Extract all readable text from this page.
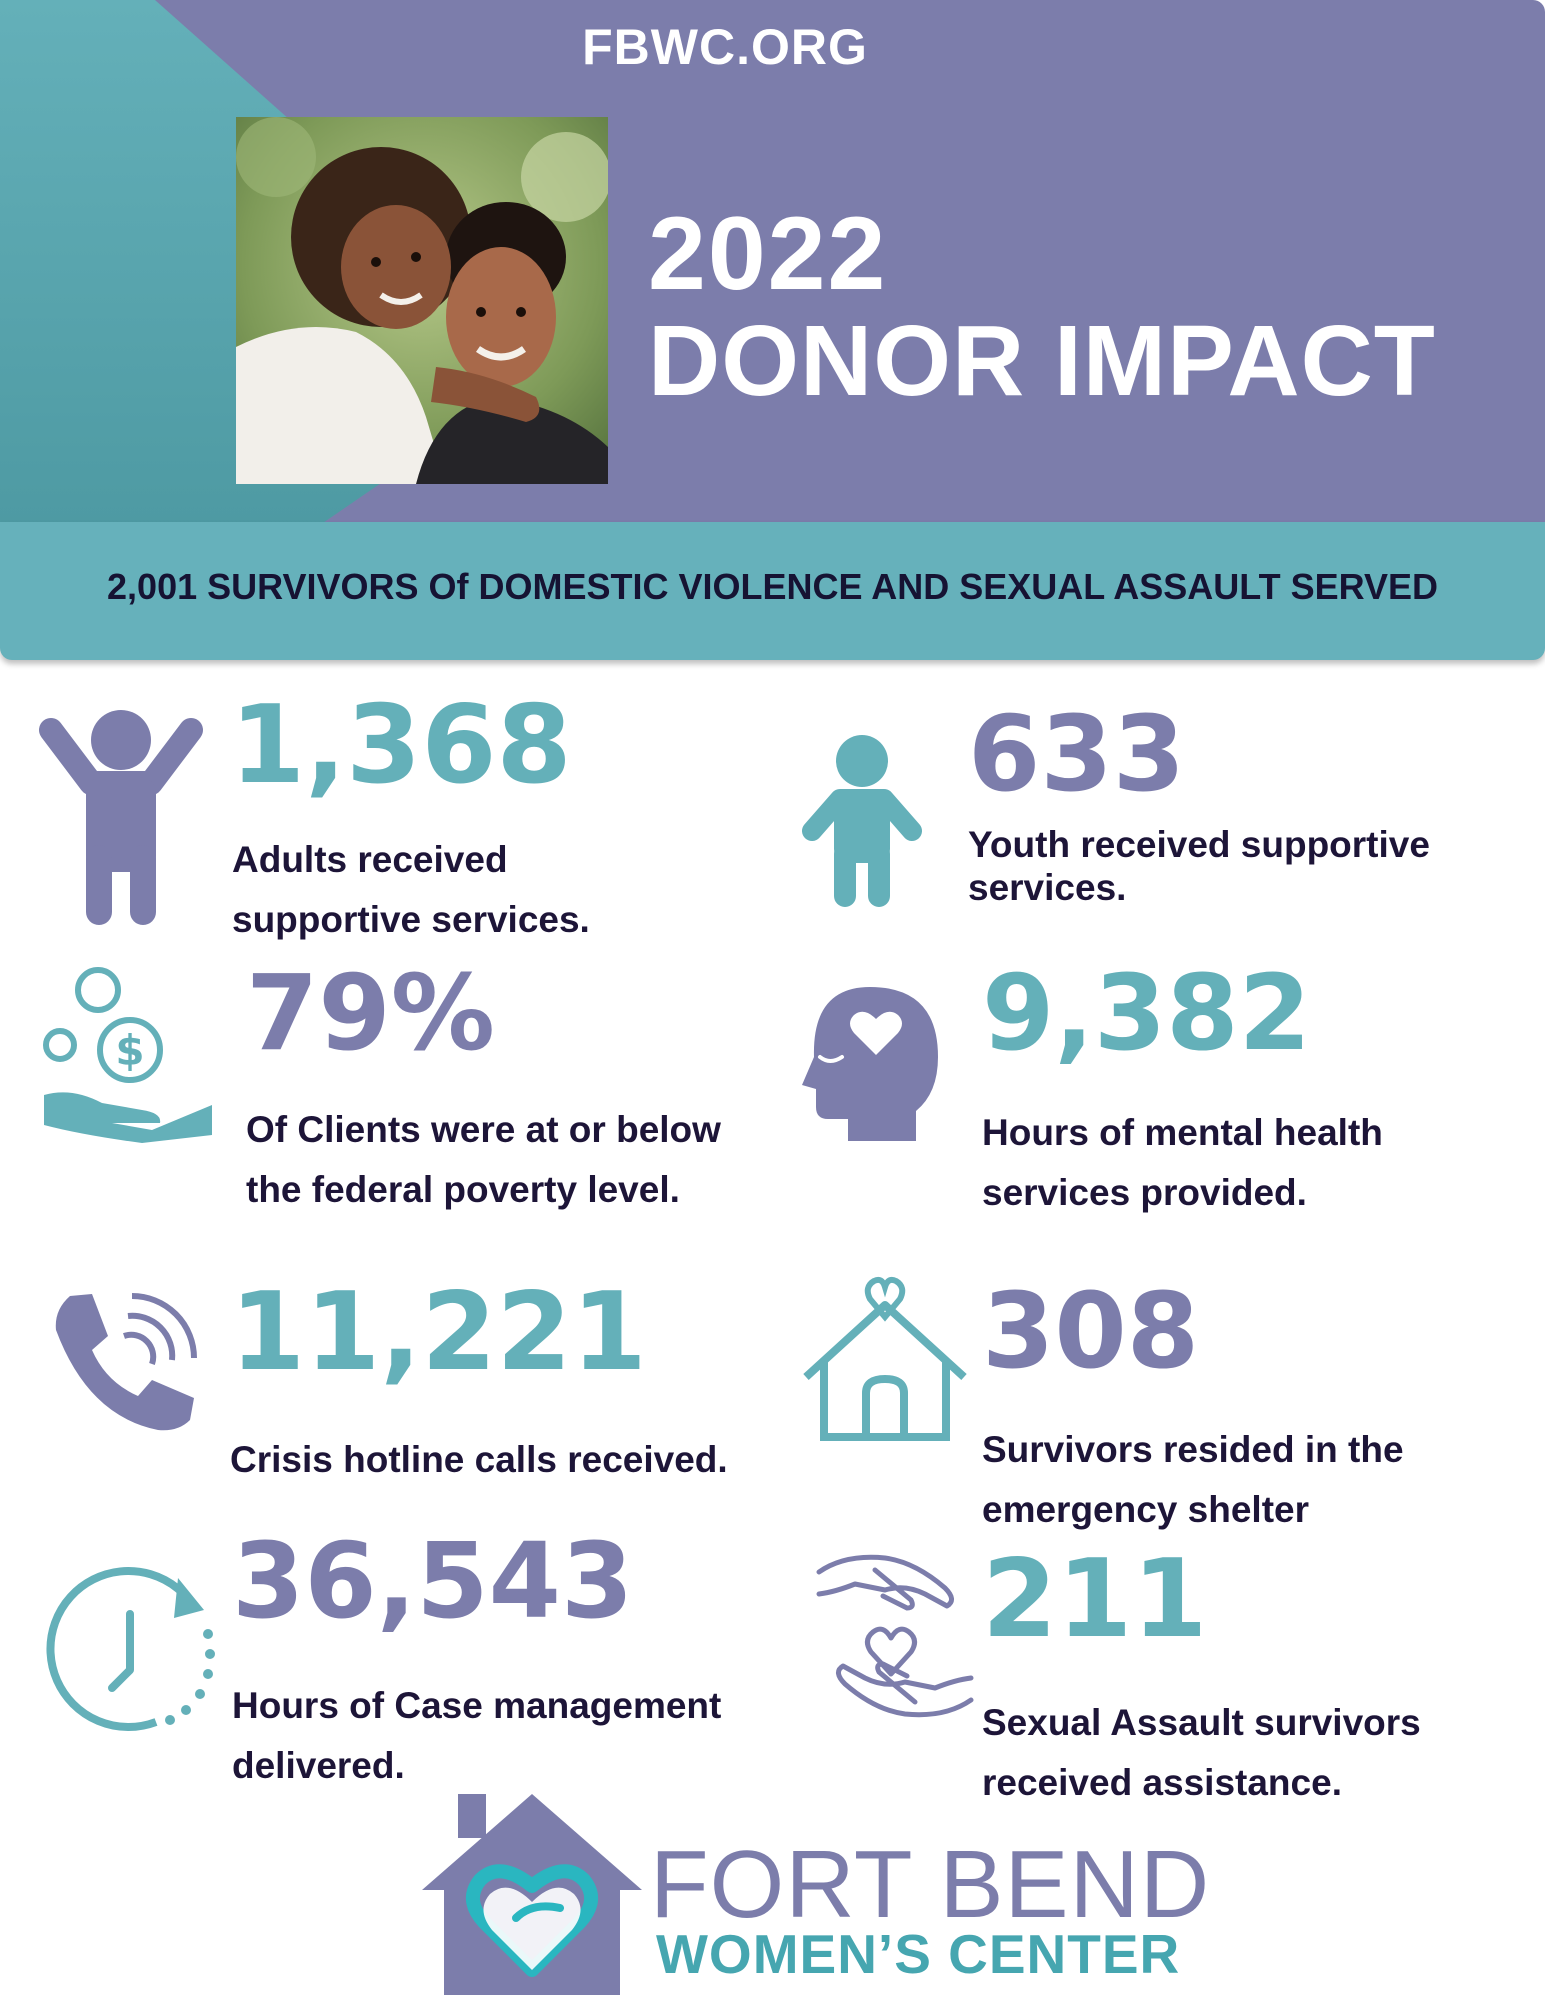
FBWC.ORG
2022
DONOR IMPACT
2,001 SURVIVORS Of DOMESTIC VIOLENCE AND SEXUAL ASSAULT SERVED
1,368
Adults received supportive services.
633
Youth received supportive services.
$ 79%
Of Clients were at or below the federal poverty level.
9,382
Hours of mental health services provided.
11,221
Crisis hotline calls received.
308
Survivors resided in the emergency shelter
36,543
Hours of Case management delivered.
211
Sexual Assault survivors received assistance.
FORT BEND
WOMEN’S CENTER
